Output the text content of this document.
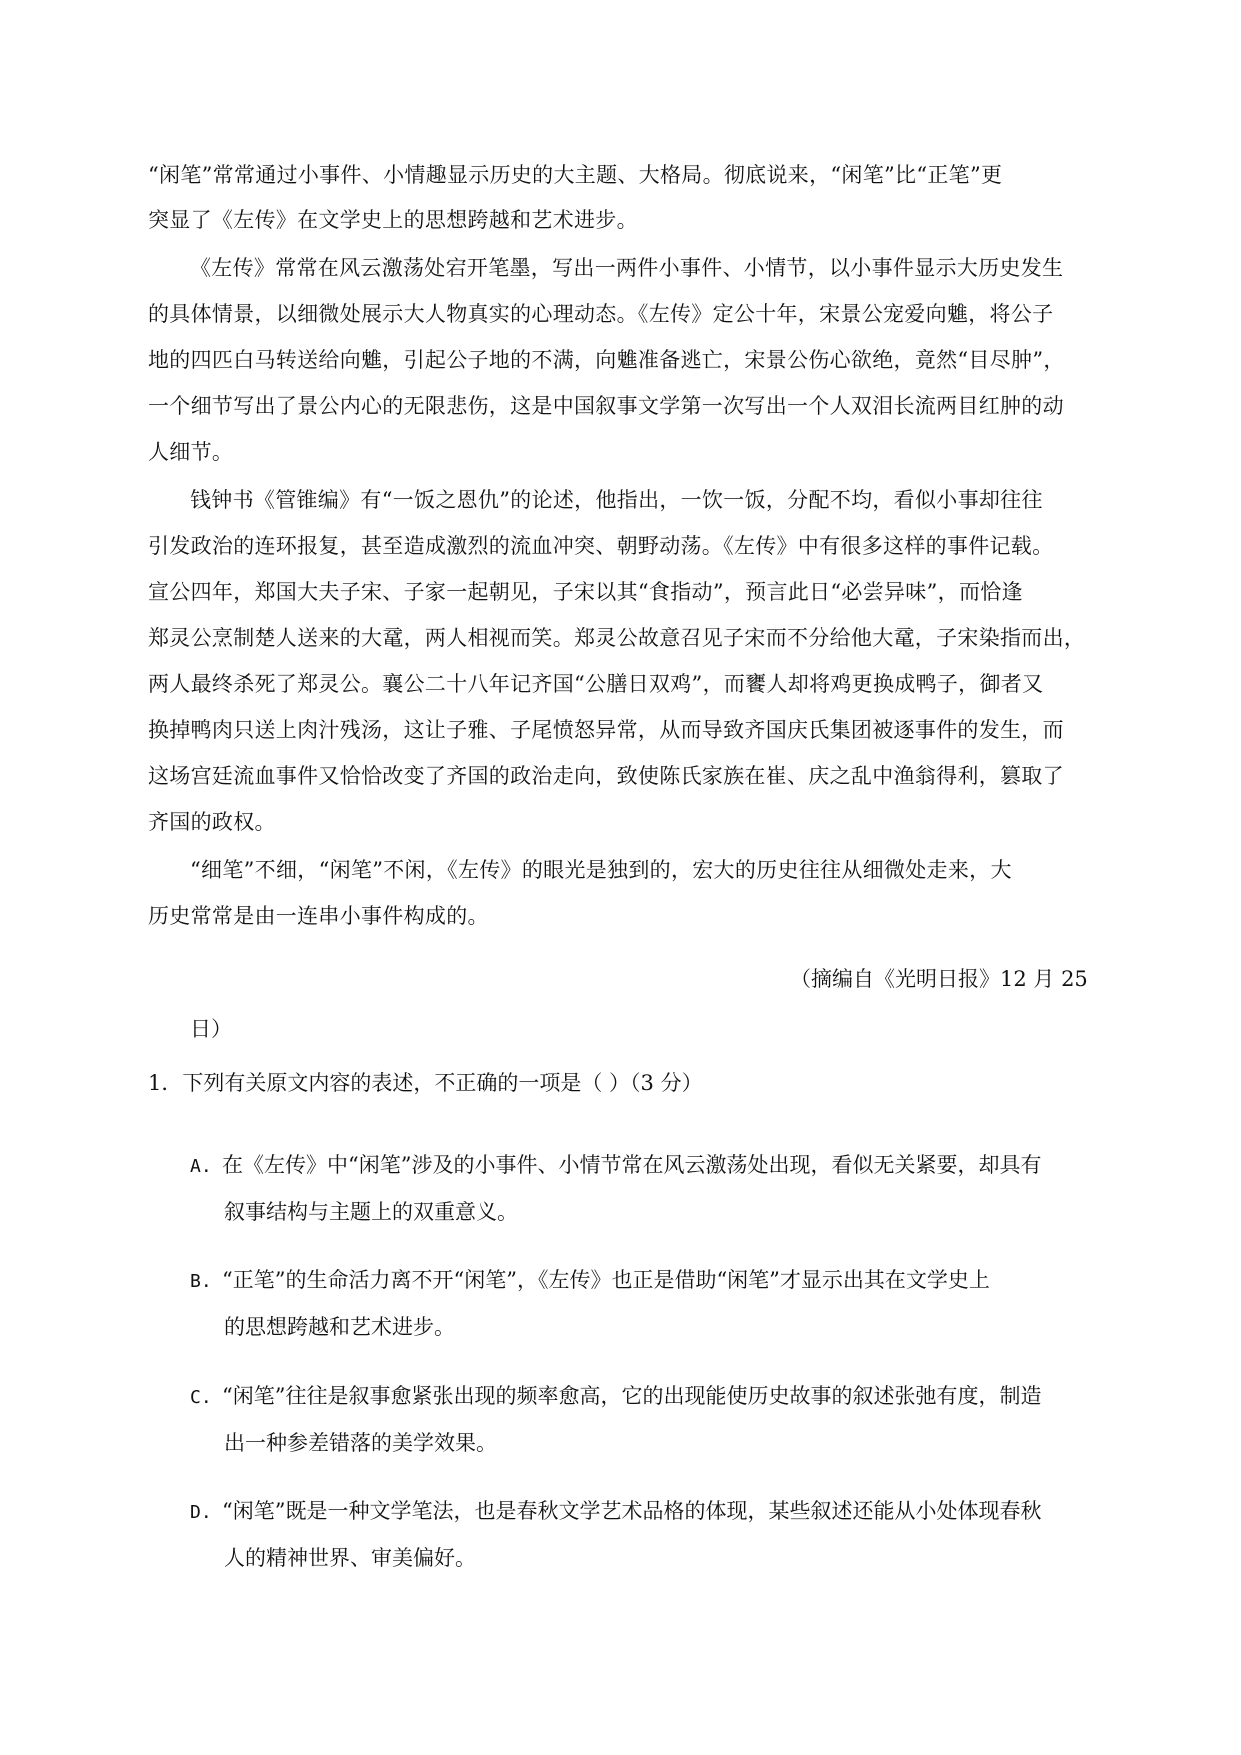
“闲笔”常常通过小事件、小情趣显示历史的大主题、大格局。彻底说来，“闲笔”比“正笔”更
突显了《左传》在文学史上的思想跨越和艺术进步。
《左传》常常在风云激荡处宕开笔墨，写出一两件小事件、小情节，以小事件显示大历史发生
的具体情景，以细微处展示大人物真实的心理动态。《左传》定公十年，宋景公宠爱向魋，将公子
地的四匹白马转送给向魋，引起公子地的不满，向魋准备逃亡，宋景公伤心欲绝，竟然“目尽肿”，
一个细节写出了景公内心的无限悲伤，这是中国叙事文学第一次写出一个人双泪长流两目红肿的动
人细节。
钱钟书《管锥编》有“一饭之恩仇”的论述，他指出，一饮一饭，分配不均，看似小事却往往
引发政治的连环报复，甚至造成激烈的流血冲突、朝野动荡。《左传》中有很多这样的事件记载。
宣公四年，郑国大夫子宋、子家一起朝见，子宋以其“食指动”，预言此日“必尝异味”，而恰逢
郑灵公烹制楚人送来的大鼋，两人相视而笑。郑灵公故意召见子宋而不分给他大鼋，子宋染指而出，
两人最终杀死了郑灵公。襄公二十八年记齐国“公膳日双鸡”，而饔人却将鸡更换成鸭子，御者又
换掉鸭肉只送上肉汁残汤，这让子雅、子尾愤怒异常，从而导致齐国庆氏集团被逐事件的发生，而
这场宫廷流血事件又恰恰改变了齐国的政治走向，致使陈氏家族在崔、庆之乱中渔翁得利，篡取了
齐国的政权。
“细笔”不细，“闲笔”不闲，《左传》的眼光是独到的，宏大的历史往往从细微处走来，大
历史常常是由一连串小事件构成的。
（摘编自《光明日报》12 月 25
日）
1．下列有关原文内容的表述，不正确的一项是（ ）（3 分）
A. 在《左传》中“闲笔”涉及的小事件、小情节常在风云激荡处出现，看似无关紧要，却具有
叙事结构与主题上的双重意义。
B. “正笔”的生命活力离不开“闲笔”，《左传》也正是借助“闲笔”才显示出其在文学史上
的思想跨越和艺术进步。
C. “闲笔”往往是叙事愈紧张出现的频率愈高，它的出现能使历史故事的叙述张弛有度，制造
出一种参差错落的美学效果。
D. “闲笔”既是一种文学笔法，也是春秋文学艺术品格的体现，某些叙述还能从小处体现春秋
人的精神世界、审美偏好。
